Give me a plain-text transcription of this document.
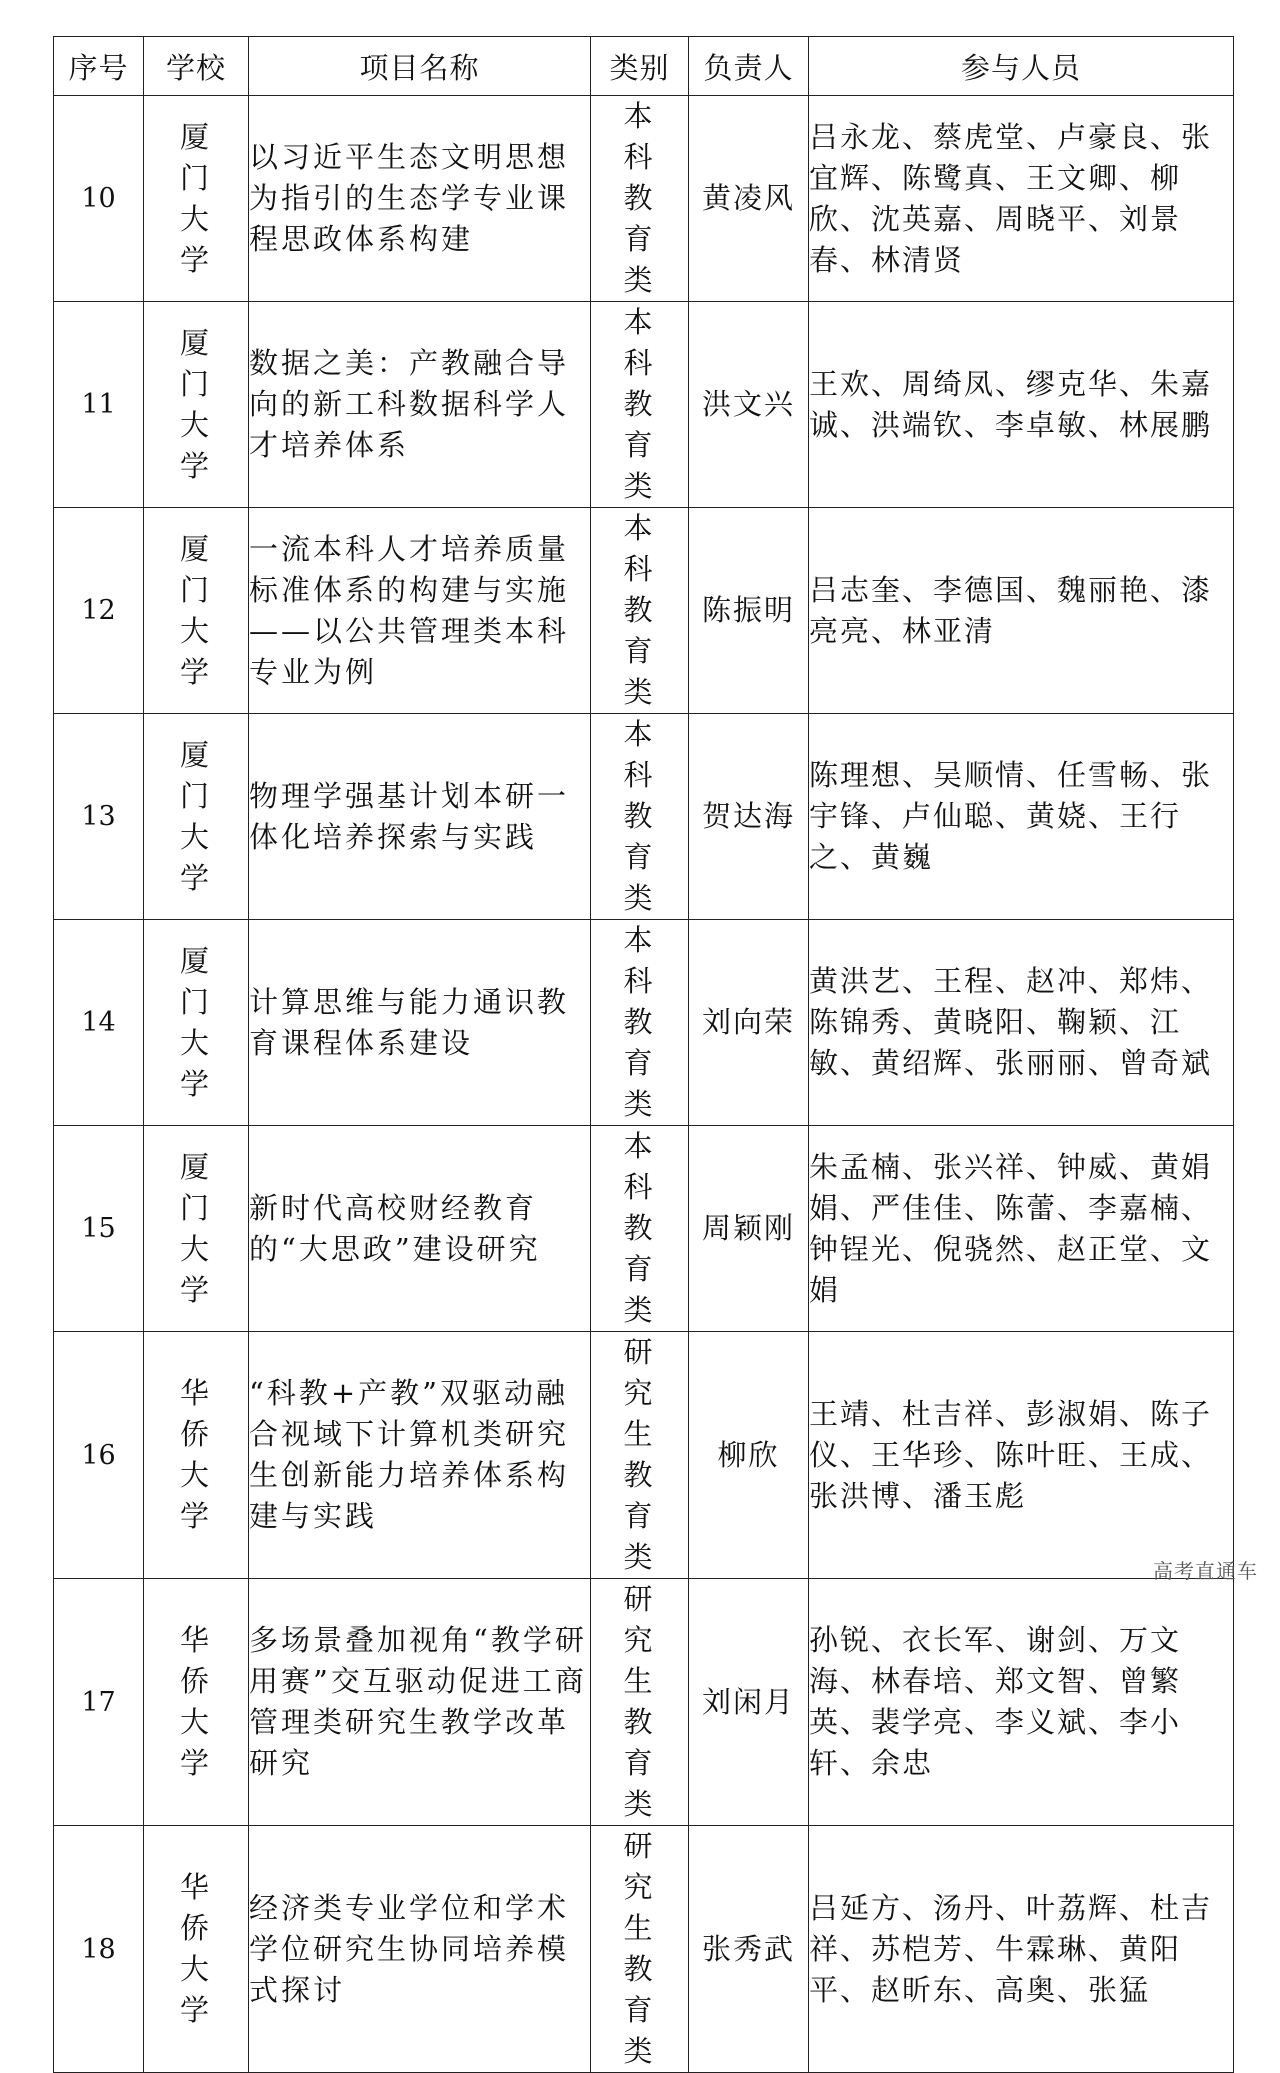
序号	学校	项目名称	类别	负责人	参与人员
10	厦门大学	以习近平生态文明思想为指引的生态学专业课程思政体系构建	本科教育类	黄凌风	吕永龙、蔡虎堂、卢豪良、张宜辉、陈鹭真、王文卿、柳欣、沈英嘉、周晓平、刘景春、林清贤

11	厦门大学	数据之美：产教融合导向的新工科数据科学人才培养体系	本科教育类	洪文兴	王欢、周绮凤、缪克华、朱嘉诚、洪端钦、李卓敏、林展鹏

12	厦门大学	一流本科人才培养质量标准体系的构建与实施——以公共管理类本科专业为例	本科教育类	陈振明	吕志奎、李德国、魏丽艳、漆亮亮、林亚清

13	厦门大学	物理学强基计划本研一体化培养探索与实践	本科教育类	贺达海	陈理想、吴顺情、任雪畅、张宇锋、卢仙聪、黄娆、王行之、黄巍

14	厦门大学	计算思维与能力通识教育课程体系建设	本科教育类	刘向荣	黄洪艺、王程、赵冲、郑炜、陈锦秀、黄晓阳、鞠颖、江敏、黄绍辉、张丽丽、曾奇斌

15	厦门大学	新时代高校财经教育的“大思政”建设研究	本科教育类	周颖刚	朱孟楠、张兴祥、钟威、黄娟娟、严佳佳、陈蕾、李嘉楠、钟锃光、倪骁然、赵正堂、文娟

16	华侨大学	“科教+产教”双驱动融合视域下计算机类研究生创新能力培养体系构建与实践	研究生教育类	柳欣	王靖、杜吉祥、彭淑娟、陈子仪、王华珍、陈叶旺、王成、张洪博、潘玉彪

17	华侨大学	多场景叠加视角“教学研用赛”交互驱动促进工商管理类研究生教学改革研究	研究生教育类	刘闲月	孙锐、衣长军、谢剑、万文海、林春培、郑文智、曾繁英、裴学亮、李义斌、李小轩、余忠

18	华侨大学	经济类专业学位和学术学位研究生协同培养模式探讨	研究生教育类	张秀武	吕延方、汤丹、叶荔辉、杜吉祥、苏桤芳、牛霖琳、黄阳平、赵昕东、高奥、张猛
高考直通车
